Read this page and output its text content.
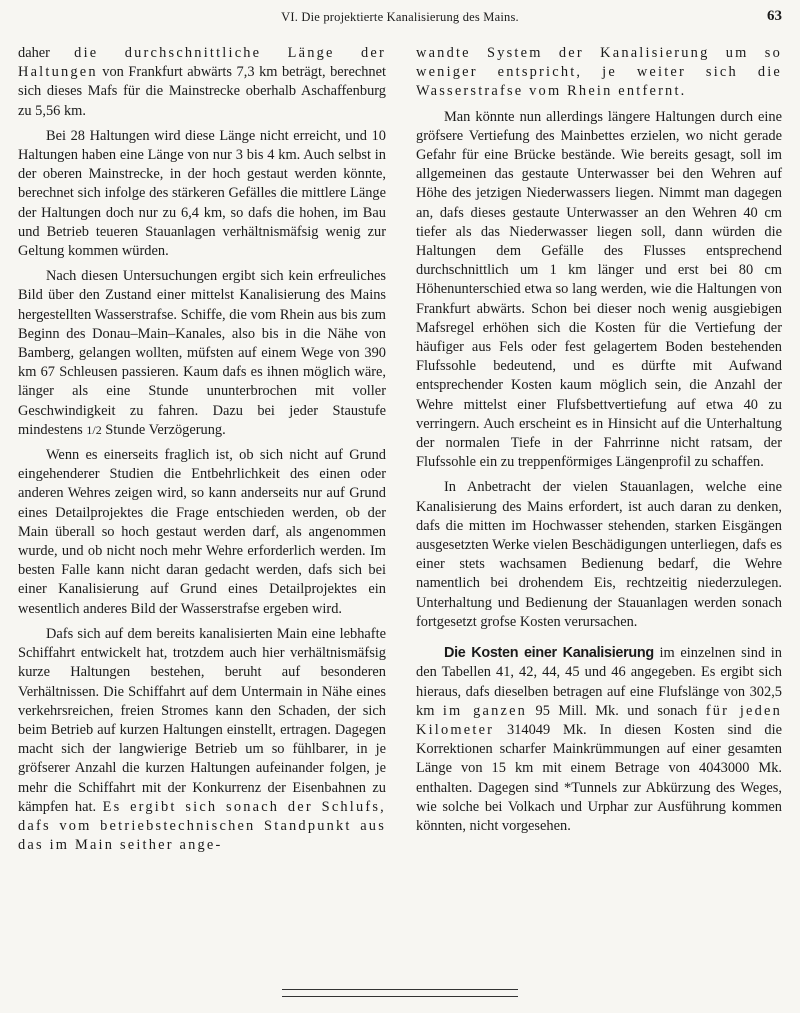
VI. Die projektierte Kanalisierung des Mains.	63

daher die durchschnittliche Länge der Haltungen von Frankfurt abwärts 7,3 km beträgt, berechnet sich dieses Mafs für die Mainstrecke oberhalb Aschaffenburg zu 5,56 km.

Bei 28 Haltungen wird diese Länge nicht erreicht, und 10 Haltungen haben eine Länge von nur 3 bis 4 km. Auch selbst in der oberen Mainstrecke, in der hoch gestaut werden könnte, berechnet sich infolge des stärkeren Gefälles die mittlere Länge der Haltungen doch nur zu 6,4 km, so dafs die hohen, im Bau und Betrieb teueren Stauanlagen verhältnismäfsig wenig zur Geltung kommen würden.

Nach diesen Untersuchungen ergibt sich kein erfreuliches Bild über den Zustand einer mittelst Kanalisierung des Mains hergestellten Wasserstrafse. Schiffe, die vom Rhein aus bis zum Beginn des Donau–Main–Kanales, also bis in die Nähe von Bamberg, gelangen wollten, müfsten auf einem Wege von 390 km 67 Schleusen passieren. Kaum dafs es ihnen möglich wäre, länger als eine Stunde ununterbrochen mit voller Geschwindigkeit zu fahren. Dazu bei jeder Staustufe mindestens 1/2 Stunde Verzögerung.

Wenn es einerseits fraglich ist, ob sich nicht auf Grund eingehenderer Studien die Entbehrlichkeit des einen oder anderen Wehres zeigen wird, so kann anderseits nur auf Grund eines Detailprojektes die Frage entschieden werden, ob der Main überall so hoch gestaut werden darf, als angenommen wurde, und ob nicht noch mehr Wehre erforderlich werden. Im besten Falle kann nicht daran gedacht werden, dafs sich bei einer Kanalisierung auf Grund eines Detailprojektes ein wesentlich anderes Bild der Wasserstrafse ergeben wird.

Dafs sich auf dem bereits kanalisierten Main eine lebhafte Schiffahrt entwickelt hat, trotzdem auch hier verhältnismäfsig kurze Haltungen bestehen, beruht auf besonderen Verhältnissen. Die Schiffahrt auf dem Untermain in Nähe eines verkehrsreichen, freien Stromes kann den Schaden, der sich beim Betrieb auf kurzen Haltungen einstellt, ertragen. Dagegen macht sich der langwierige Betrieb um so fühlbarer, in je gröfserer Anzahl die kurzen Haltungen aufeinander folgen, je mehr die Schiffahrt mit der Konkurrenz der Eisenbahnen zu kämpfen hat. Es ergibt sich sonach der Schlufs, dafs vom betriebstechnischen Standpunkt aus das im Main seither ange-

wandte System der Kanalisierung um so weniger entspricht, je weiter sich die Wasserstrafse vom Rhein entfernt.

Man könnte nun allerdings längere Haltungen durch eine gröfsere Vertiefung des Mainbettes erzielen, wo nicht gerade Gefahr für eine Brücke bestände. Wie bereits gesagt, soll im allgemeinen das gestaute Unterwasser bei den Wehren auf Höhe des jetzigen Niederwassers liegen. Nimmt man dagegen an, dafs dieses gestaute Unterwasser an den Wehren 40 cm tiefer als das Niederwasser liegen soll, dann würden die Haltungen dem Gefälle des Flusses entsprechend durchschnittlich um 1 km länger und erst bei 80 cm Höhenunterschied etwa so lang werden, wie die Haltungen von Frankfurt abwärts. Schon bei dieser noch wenig ausgiebigen Mafsregel erhöhen sich die Kosten für die Vertiefung der häufiger aus Fels oder fest gelagertem Boden bestehenden Flufssohle bedeutend, und es dürfte mit Aufwand entsprechender Kosten kaum möglich sein, die Anzahl der Wehre mittelst einer Flufsbettvertiefung auf etwa 40 zu verringern. Auch erscheint es in Hinsicht auf die Unterhaltung der normalen Tiefe in der Fahrrinne nicht ratsam, der Flufssohle ein zu treppenförmiges Längenprofil zu schaffen.

In Anbetracht der vielen Stauanlagen, welche eine Kanalisierung des Mains erfordert, ist auch daran zu denken, dafs die mitten im Hochwasser stehenden, starken Eisgängen ausgesetzten Werke vielen Beschädigungen unterliegen, dafs es einer stets wachsamen Bedienung bedarf, die Wehre namentlich bei drohendem Eis, rechtzeitig niederzulegen. Unterhaltung und Bedienung der Stauanlagen werden sonach fortgesetzt grofse Kosten verursachen.

Die Kosten einer Kanalisierung im einzelnen sind in den Tabellen 41, 42, 44, 45 und 46 angegeben. Es ergibt sich hieraus, dafs dieselben betragen auf eine Flufslänge von 302,5 km im ganzen 95 Mill. Mk. und sonach für jeden Kilometer 314049 Mk. In diesen Kosten sind die Korrektionen scharfer Mainkrümmungen auf einer gesamten Länge von 15 km mit einem Betrage von 4043000 Mk. enthalten. Dagegen sind *Tunnels zur Abkürzung des Weges, wie solche bei Volkach und Urphar zur Ausführung kommen könnten, nicht vorgesehen.
